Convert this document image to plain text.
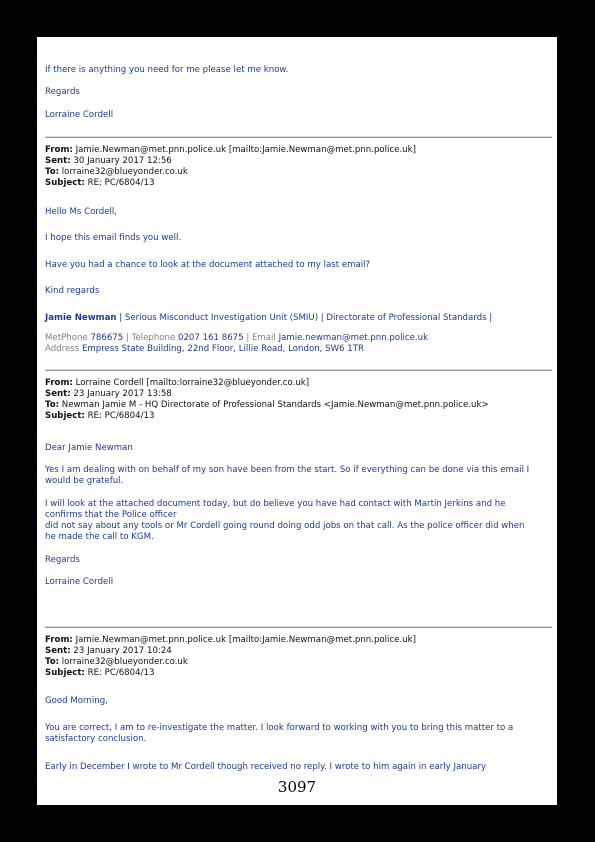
If there is anything you need for me please let me know.
Regards
Lorraine Cordell
From: Jamie.Newman@met.pnn.police.uk [mailto:Jamie.Newman@met.pnn.police.uk]
Sent: 30 January 2017 12:56
To: lorraine32@blueyonder.co.uk
Subject: RE: PC/6804/13
Hello Ms Cordell,
I hope this email finds you well.
Have you had a chance to look at the document attached to my last email?
Kind regards
Jamie Newman | Serious Misconduct Investigation Unit (SMIU) | Directorate of Professional Standards |
MetPhone 786675 | Telephone 0207 161 8675 | Email Jamie.newman@met.pnn.police.uk
Address Empress State Building, 22nd Floor, Lillie Road, London, SW6 1TR
From: Lorraine Cordell [mailto:lorraine32@blueyonder.co.uk]
Sent: 23 January 2017 13:58
To: Newman Jamie M - HQ Directorate of Professional Standards <Jamie.Newman@met.pnn.police.uk>
Subject: RE: PC/6804/13
Dear Jamie Newman
Yes I am dealing with on behalf of my son have been from the start. So if everything can be done via this email I
would be grateful.
I will look at the attached document today, but do believe you have had contact with Martin Jerkins and he
confirms that the Police officer
did not say about any tools or Mr Cordell going round doing odd jobs on that call. As the police officer did when
he made the call to KGM.
Regards
Lorraine Cordell
From: Jamie.Newman@met.pnn.police.uk [mailto:Jamie.Newman@met.pnn.police.uk]
Sent: 23 January 2017 10:24
To: lorraine32@blueyonder.co.uk
Subject: RE: PC/6804/13
Good Morning,
You are correct, I am to re-investigate the matter. I look forward to working with you to bring this matter to a
satisfactory conclusion.
Early in December I wrote to Mr Cordell though received no reply. I wrote to him again in early January
3097
